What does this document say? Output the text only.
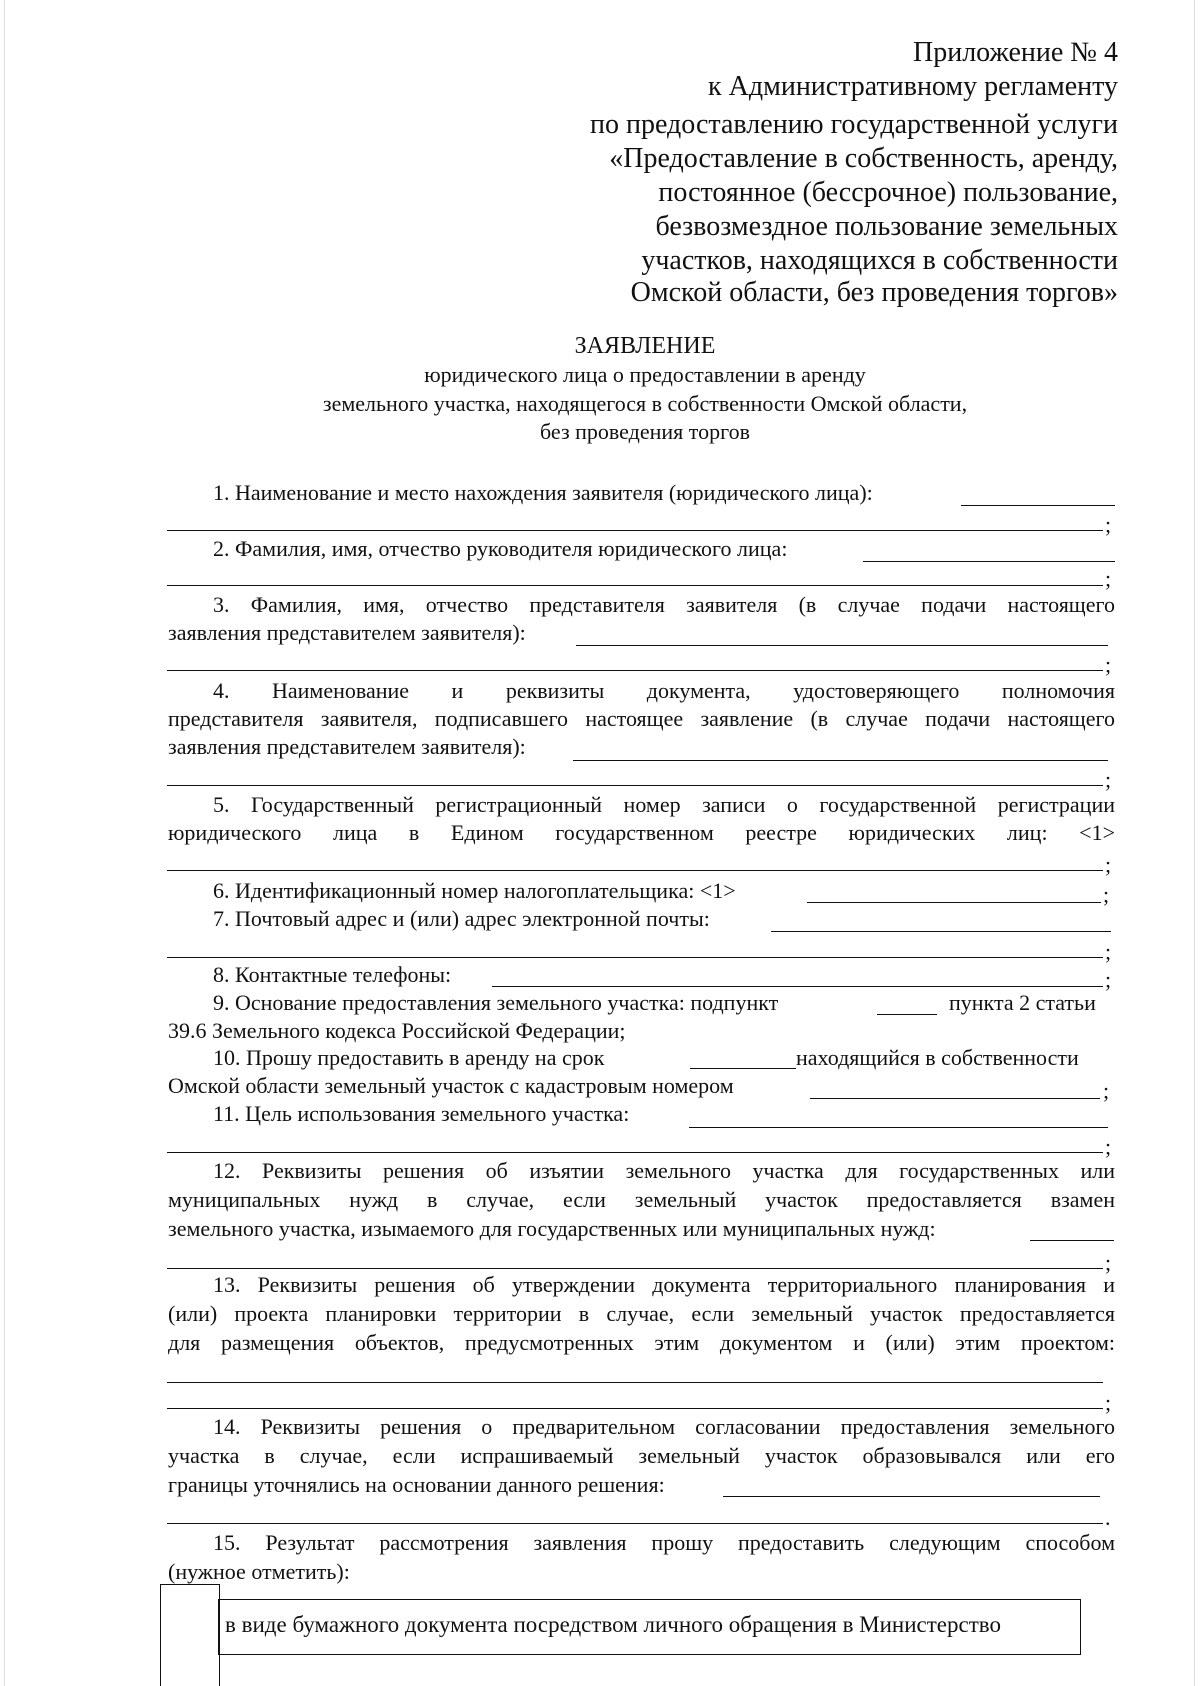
Приложение № 4
к Административному регламенту
по предоставлению государственной услуги
«Предоставление в собственность, аренду,
постоянное (бессрочное) пользование,
безвозмездное пользование земельных
участков, находящихся в собственности
Омской области, без проведения торгов»
ЗАЯВЛЕНИЕ
юридического лица о предоставлении в аренду
земельного участка, находящегося в собственности Омской области,
без проведения торгов
1. Наименование и место нахождения заявителя (юридического лица):
;
2. Фамилия, имя, отчество руководителя юридического лица:
;
3. Фамилия, имя, отчество представителя заявителя (в случае подачи настоящего
заявления представителем заявителя):
;
4. Наименование и реквизиты документа, удостоверяющего полномочия
представителя заявителя, подписавшего настоящее заявление (в случае подачи настоящего
заявления представителем заявителя):
;
5. Государственный регистрационный номер записи о государственной регистрации
юридического лица в Едином государственном реестре юридических лиц: <1>
;
6. Идентификационный номер налогоплательщика: <1>	;
7. Почтовый адрес и (или) адрес электронной почты:
;
8. Контактные телефоны:	;
9. Основание предоставления земельного участка: подпункт	пункта 2 статьи
39.6 Земельного кодекса Российской Федерации;
10. Прошу предоставить в аренду на срок	находящийся в собственности
Омской области земельный участок с кадастровым номером	;
11. Цель использования земельного участка:
;
12. Реквизиты решения об изъятии земельного участка для государственных или
муниципальных нужд в случае, если земельный участок предоставляется взамен
земельного участка, изымаемого для государственных или муниципальных нужд:
;
13. Реквизиты решения об утверждении документа территориального планирования и
(или) проекта планировки территории в случае, если земельный участок предоставляется
для размещения объектов, предусмотренных этим документом и (или) этим проектом:
;
14. Реквизиты решения о предварительном согласовании предоставления земельного
участка в случае, если испрашиваемый земельный участок образовывался или его
границы уточнялись на основании данного решения:
.
15. Результат рассмотрения заявления прошу предоставить следующим способом
(нужное отметить):
в виде бумажного документа посредством личного обращения в Министерство
